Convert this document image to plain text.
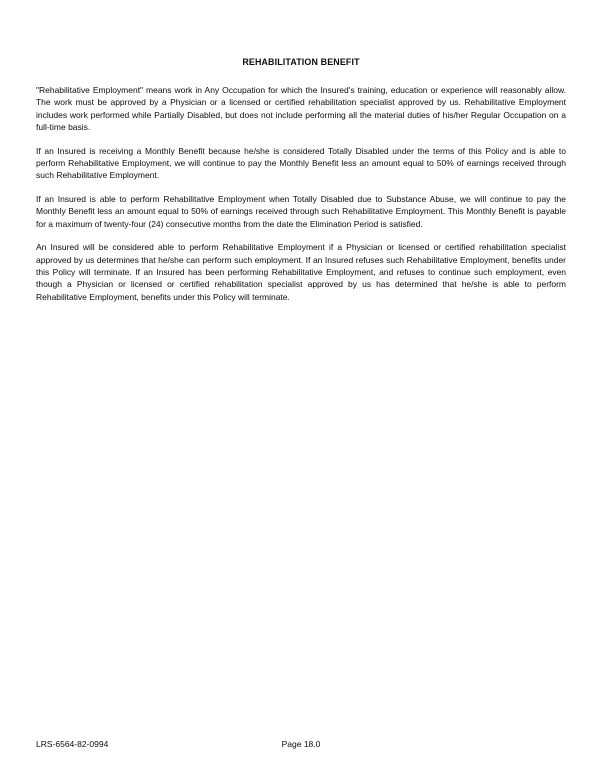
REHABILITATION BENEFIT

"Rehabilitative Employment" means work in Any Occupation for which the Insured's training, education or experience will reasonably allow. The work must be approved by a Physician or a licensed or certified rehabilitation specialist approved by us. Rehabilitative Employment includes work performed while Partially Disabled, but does not include performing all the material duties of his/her Regular Occupation on a full-time basis.

If an Insured is receiving a Monthly Benefit because he/she is considered Totally Disabled under the terms of this Policy and is able to perform Rehabilitative Employment, we will continue to pay the Monthly Benefit less an amount equal to 50% of earnings received through such Rehabilitative Employment.

If an Insured is able to perform Rehabilitative Employment when Totally Disabled due to Substance Abuse, we will continue to pay the Monthly Benefit less an amount equal to 50% of earnings received through such Rehabilitative Employment. This Monthly Benefit is payable for a maximum of twenty-four (24) consecutive months from the date the Elimination Period is satisfied.

An Insured will be considered able to perform Rehabilitative Employment if a Physician or licensed or certified rehabilitation specialist approved by us determines that he/she can perform such employment. If an Insured refuses such Rehabilitative Employment, benefits under this Policy will terminate. If an Insured has been performing Rehabilitative Employment, and refuses to continue such employment, even though a Physician or licensed or certified rehabilitation specialist approved by us has determined that he/she is able to perform Rehabilitative Employment, benefits under this Policy will terminate.

LRS-6564-82-0994	Page 18.0
